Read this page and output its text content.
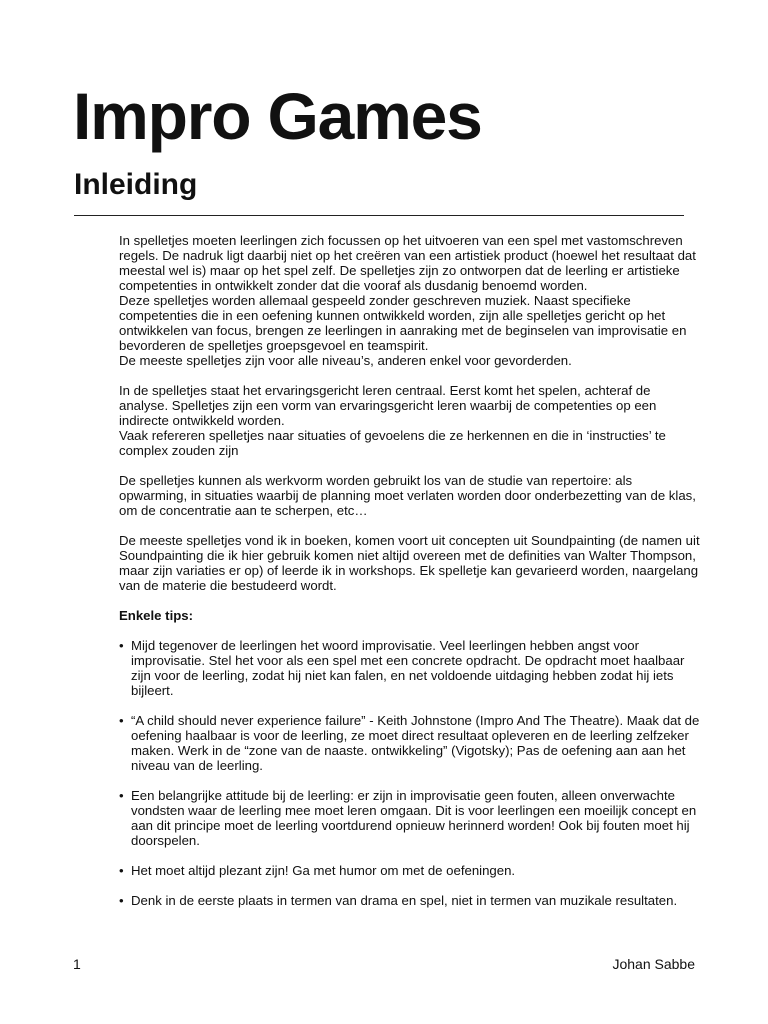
Impro Games
Inleiding

In spelletjes moeten leerlingen zich focussen op het uitvoeren van een spel met vastomschreven regels. De nadruk ligt daarbij niet op het creëren van een artistiek product (hoewel het resultaat dat meestal wel is) maar op het spel zelf. De spelletjes zijn zo ontworpen dat de leerling er artistieke competenties in ontwikkelt zonder dat die vooraf als dusdanig benoemd worden.
Deze spelletjes worden allemaal gespeeld zonder geschreven muziek. Naast specifieke competenties die in een oefening kunnen ontwikkeld worden, zijn alle spelletjes gericht op het ontwikkelen van focus, brengen ze leerlingen in aanraking met de beginselen van improvisatie en bevorderen de spelletjes groepsgevoel en teamspirit.
De meeste spelletjes zijn voor alle niveau’s, anderen enkel voor gevorderden.

In de spelletjes staat het ervaringsgericht leren centraal. Eerst komt het spelen, achteraf de analyse. Spelletjes zijn een vorm van ervaringsgericht leren waarbij de competenties op een indirecte ontwikkeld worden.
Vaak refereren spelletjes naar situaties of gevoelens die ze herkennen en die in ‘instructies’ te complex zouden zijn

De spelletjes kunnen als werkvorm worden gebruikt los van de studie van repertoire: als opwarming, in situaties waarbij de planning moet verlaten worden door onderbezetting van de klas, om de concentratie aan te scherpen, etc…

De meeste spelletjes vond ik in boeken, komen voort uit concepten uit Soundpainting (de namen uit Soundpainting die ik hier gebruik komen niet altijd overeen met de definities van Walter Thompson, maar zijn variaties er op) of leerde ik in workshops. Ek spelletje kan gevarieerd worden, naargelang van de materie die bestudeerd wordt.

Enkele tips:

• Mijd tegenover de leerlingen het woord improvisatie. Veel leerlingen hebben angst voor improvisatie. Stel het voor als een spel met een concrete opdracht. De opdracht moet haalbaar zijn voor de leerling, zodat hij niet kan falen, en net voldoende uitdaging hebben zodat hij iets bijleert.
• “A child should never experience failure” - Keith Johnstone (Impro And The Theatre). Maak dat de oefening haalbaar is voor de leerling, ze moet direct resultaat opleveren en de leerling zelfzeker maken. Werk in de “zone van de naaste. ontwikkeling” (Vigotsky); Pas de oefening aan aan het niveau van de leerling.
• Een belangrijke attitude bij de leerling: er zijn in improvisatie geen fouten, alleen onverwachte vondsten waar de leerling mee moet leren omgaan. Dit is voor leerlingen een moeilijk concept en aan dit principe moet de leerling voortdurend opnieuw herinnerd worden! Ook bij fouten moet hij doorspelen.
• Het moet altijd plezant zijn! Ga met humor om met de oefeningen.
• Denk in de eerste plaats in termen van drama en spel, niet in termen van muzikale resultaten.
1	Johan Sabbe
